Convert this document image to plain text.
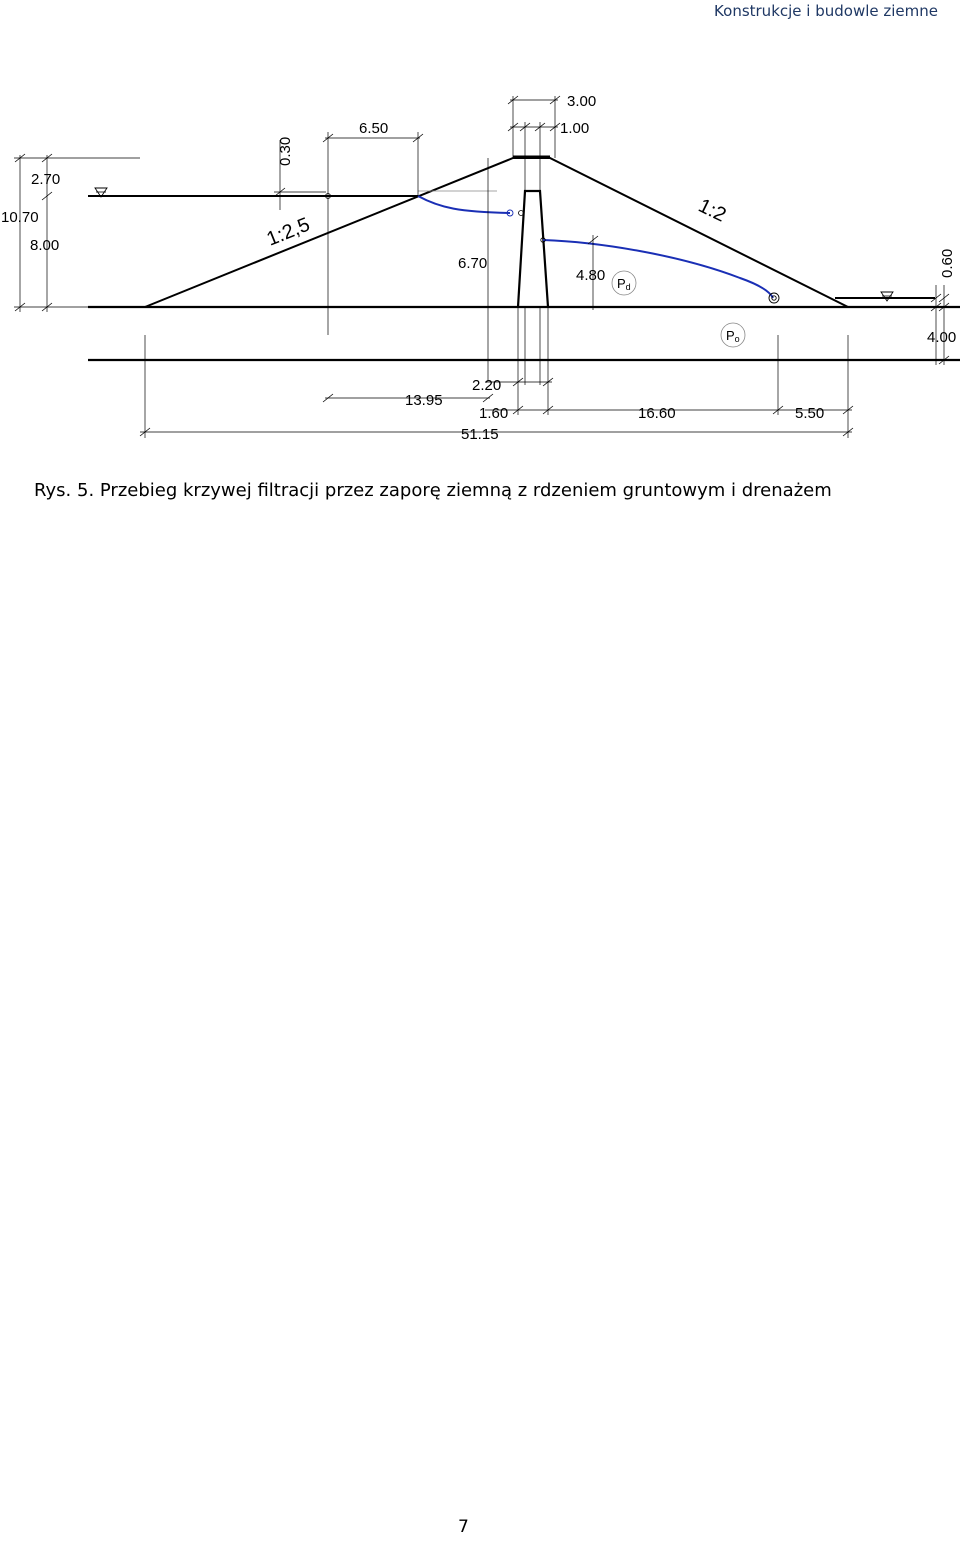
Konstrukcje i budowle ziemne
Pd
Po
1:2,5
1:2
3.00
1.00
6.50
0.30
2.70
10.70
8.00
6.70
4.80	0.60
4.00
13.95
2.20
1.60
51.15
16.60	5.50
Rys. 5. Przebieg krzywej filtracji przez zaporę ziemną z rdzeniem gruntowym i drenażem
7
